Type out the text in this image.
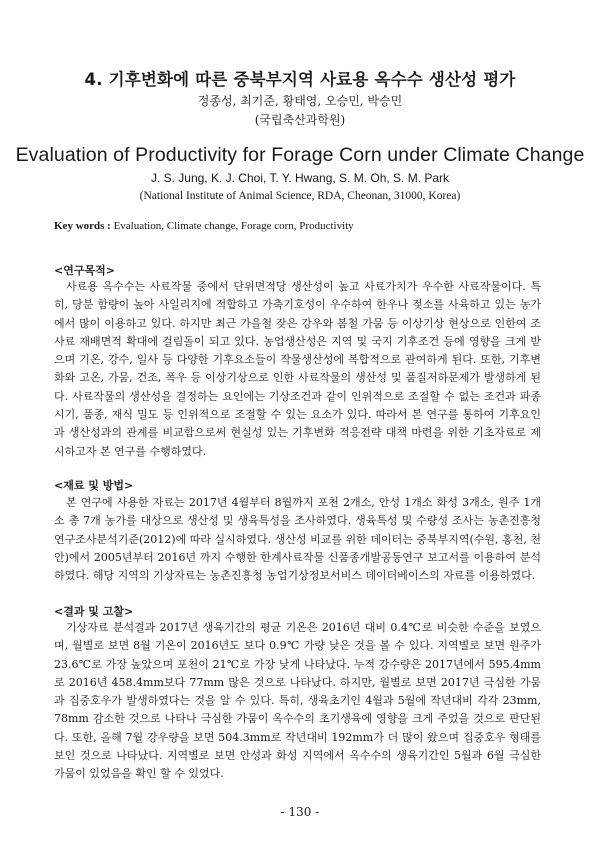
4. 기후변화에 따른 중북부지역 사료용 옥수수 생산성 평가
정종성, 최기준, 황태영, 오승민, 박승민
(국립축산과학원)
Evaluation of Productivity for Forage Corn under Climate Change
J. S. Jung, K. J. Choi, T. Y. Hwang, S. M. Oh, S. M. Park
(National Institute of Animal Science, RDA, Cheonan, 31000, Korea)
Key words : Evaluation, Climate change, Forage corn, Productivity
<연구목적>

사료용 옥수수는 사료작물 중에서 단위면적당 생산성이 높고 사료가치가 우수한 사료작물이다. 특히, 당분 함량이 높아 사일리지에 적합하고 가축기호성이 우수하여 한우나 젖소를 사육하고 있는 농가에서 많이 이용하고 있다. 하지만 최근 가을철 잦은 강우와 봄철 가뭄 등 이상기상 현상으로 인한여 조사료 재배면적 확대에 걸림돌이 되고 있다. 농업생산성은 지역 및 국지 기후조건 등에 영향을 크게 받으며 기온, 강수, 일사 등 다양한 기후요소들이 작물생산성에 복합적으로 관여하게 된다. 또한, 기후변화와 고온, 가뭄, 건조, 폭우 등 이상기상으로 인한 사료작물의 생산성 및 품질저하문제가 발생하게 된다. 사료작물의 생산성을 결정하는 요인에는 기상조건과 같이 인위적으로 조절할 수 없는 조건과 파종시기, 품종, 재식 밀도 등 인위적으로 조절할 수 있는 요소가 있다. 따라서 본 연구를 통하여 기후요인과 생산성과의 관계를 비교함으로써 현실성 있는 기후변화 적응전략 대책 마련을 위한 기초자료로 제시하고자 본 연구를 수행하였다.

<재료 및 방법>

본 연구에 사용한 자료는 2017년 4월부터 8월까지 포천 2개소, 안성 1개소 화성 3개소, 원주 1개소 총 7개 농가를 대상으로 생산성 및 생육특성을 조사하였다. 생육특성 및 수량성 조사는 농촌진흥청 연구조사분석기준(2012)에 따라 실시하였다. 생산성 비교를 위한 데이터는 중북부지역(수원, 홍천, 천안)에서 2005년부터 2016년 까지 수행한 한계사료작물 신품종개발공동연구 보고서를 이용하여 분석하였다. 해당 지역의 기상자료는 농촌진흥청 농업기상정보서비스 데이터베이스의 자료를 이용하였다.

<결과 및 고찰>

기상자료 분석결과 2017년 생육기간의 평균 기온은 2016년 대비 0.4℃로 비슷한 수준을 보였으며, 월별로 보면 8월 기온이 2016년도 보다 0.9℃ 가량 낮은 것을 볼 수 있다. 지역별로 보면 원주가 23.6℃로 가장 높았으며 포천이 21℃로 가장 낮게 나타났다. 누적 강수량은 2017년에서 595.4mm로 2016년 458.4mm보다 77mm 많은 것으로 나타났다. 하지만, 월별로 보면 2017년 극심한 가뭄과 집중호우가 발생하였다는 것을 알 수 있다. 특히, 생육초기인 4월과 5월에 작년대비 각각 23mm, 78mm 감소한 것으로 나타나 극심한 가뭄이 옥수수의 초기생육에 영향을 크게 주었을 것으로 판단된다. 또한, 올해 7월 강우량을 보면 504.3mm로 작년대비 192mm가 더 많이 왔으며 집중호우 형태를 보인 것으로 나타났다. 지역별로 보면 안성과 화성 지역에서 옥수수의 생육기간인 5월과 6월 극심한 가뭄이 있었음을 확인 할 수 있었다.

- 130 -
